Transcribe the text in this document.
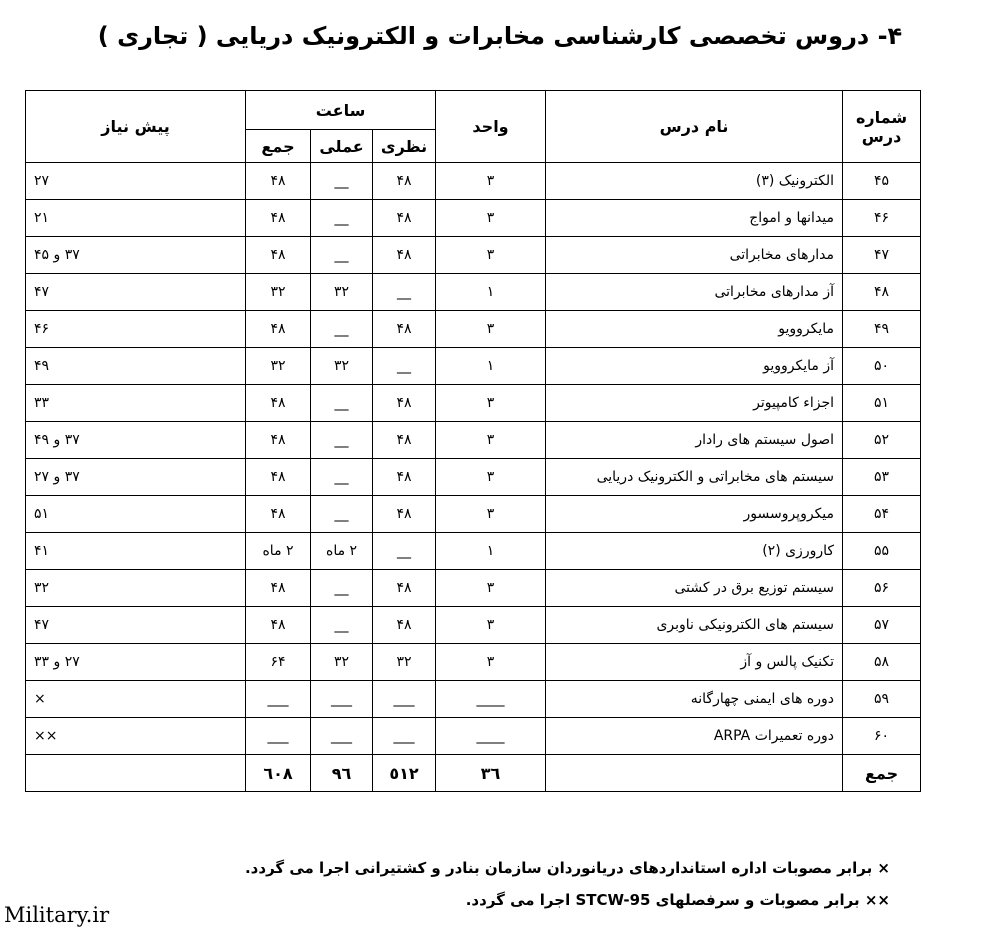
۴- دروس تخصصی کارشناسی مخابرات و الکترونیک دریایی ( تجاری )
شماره درس	نام درس	واحد	ساعت			پیش نیاز
			نظری	عملی	جمع	
۴۵	الکترونیک (۳)	۳	۴۸	__	۴۸	۲۷
۴۶	میدانها و امواج	۳	۴۸	__	۴۸	۲۱
۴۷	مدارهای مخابراتی	۳	۴۸	__	۴۸	۳۷ و ۴۵
۴۸	آز مدارهای مخابراتی	۱	__	۳۲	۳۲	۴۷
۴۹	مایکروویو	۳	۴۸	__	۴۸	۴۶
۵۰	آز مایکروویو	۱	__	۳۲	۳۲	۴۹
۵۱	اجزاء کامپیوتر	۳	۴۸	__	۴۸	۳۳
۵۲	اصول سیستم های رادار	۳	۴۸	__	۴۸	۳۷ و ۴۹
۵۳	سیستم های مخابراتی و الکترونیک دریایی	۳	۴۸	__	۴۸	۳۷ و ۲۷
۵۴	میکروپروسسور	۳	۴۸	__	۴۸	۵۱
۵۵	کارورزی (۲)	۱	__	۲ ماه	۲ ماه	۴۱
۵۶	سیستم توزیع برق در کشتی	۳	۴۸	__	۴۸	۳۲
۵۷	سیستم های الکترونیکی ناوبری	۳	۴۸	__	۴۸	۴۷
۵۸	تکنیک پالس و آز	۳	۳۲	۳۲	۶۴	۲۷ و ۳۳
۵۹	دوره های ایمنی چهارگانه	____	___	___	___	×
۶۰	دوره تعمیرات ARPA	____	___	___	___	××
جمع		۳٦	٥۱۲	۹٦	٦۰۸	
× برابر مصوبات اداره استانداردهای دریانوردان سازمان بنادر و کشتیرانی اجرا می گردد.
×× برابر مصوبات و سرفصلهای STCW-95 اجرا می گردد.
Military.ir
